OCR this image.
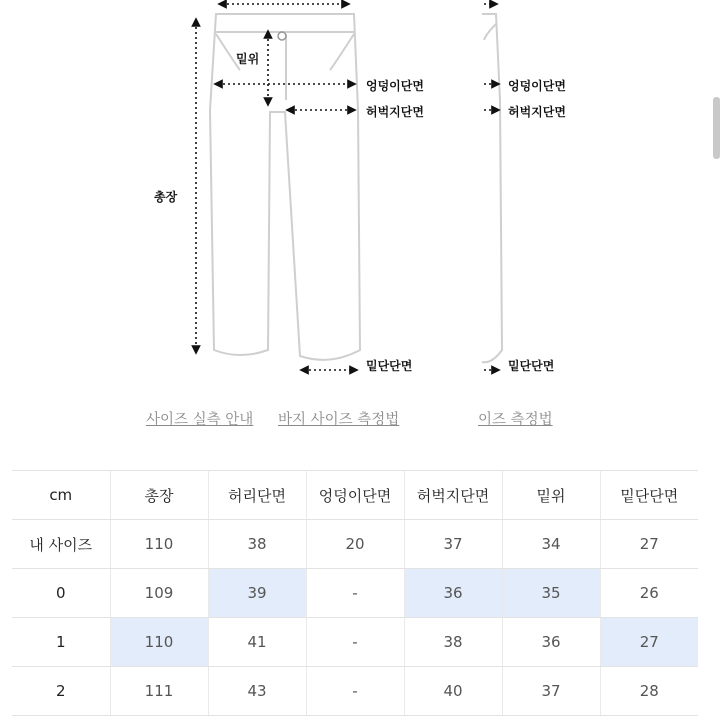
밑위
엉덩이단면
허벅지단면
총장
밑단단면
엉덩이단면
허벅지단면
밑단단면
사이즈 실측 안내 바지 사이즈 측정법	이즈 측정법
cm	총장	허리단면	엉덩이단면	허벅지단면	밑위	밑단단면
내 사이즈	110	38	20	37	34	27
0	109	39	-	36	35	26
1	110	41	-	38	36	27
2	111	43	-	40	37	28
